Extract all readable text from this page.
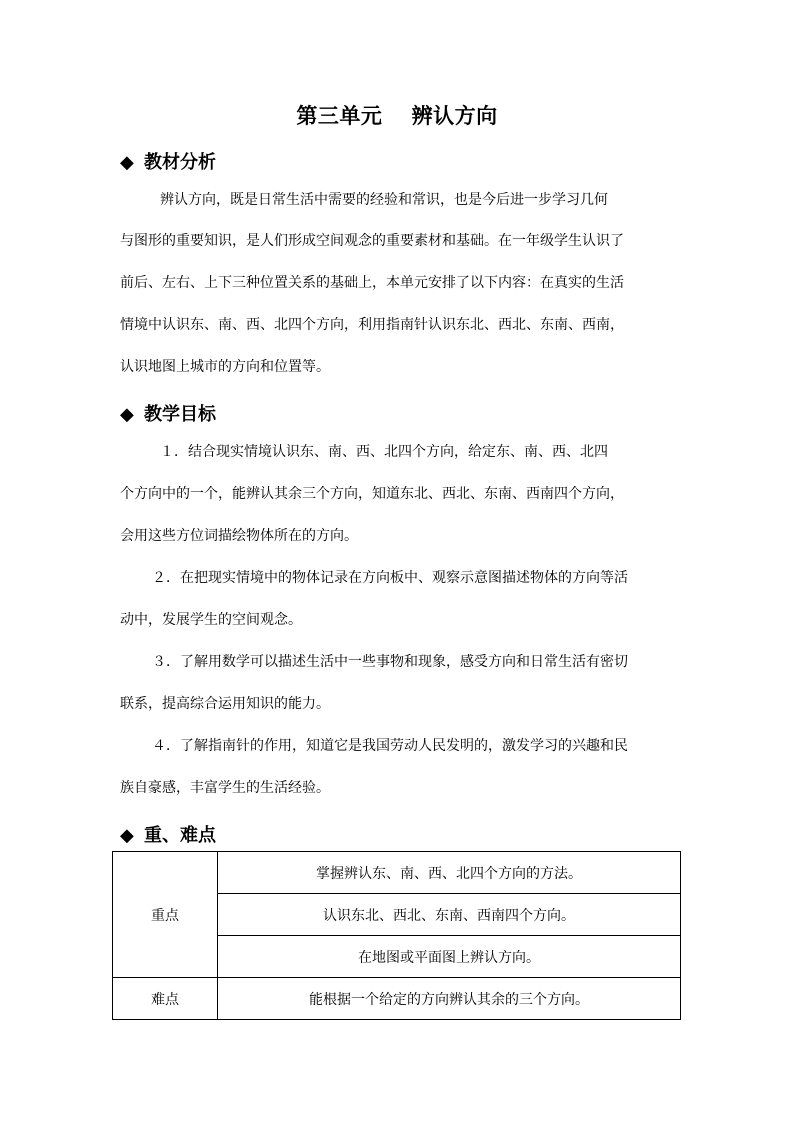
第三单元　 辨认方向
◆ 教材分析
辨认方向，既是日常生活中需要的经验和常识，也是今后进一步学习几何
与图形的重要知识，是人们形成空间观念的重要素材和基础。在一年级学生认识了
前后、左右、上下三种位置关系的基础上，本单元安排了以下内容：在真实的生活
情境中认识东、南、西、北四个方向，利用指南针认识东北、西北、东南、西南，
认识地图上城市的方向和位置等。
◆ 教学目标
１．结合现实情境认识东、南、西、北四个方向，给定东、南、西、北四
个方向中的一个，能辨认其余三个方向，知道东北、西北、东南、西南四个方向，
会用这些方位词描绘物体所在的方向。
２．在把现实情境中的物体记录在方向板中、观察示意图描述物体的方向等活
动中，发展学生的空间观念。
３．了解用数学可以描述生活中一些事物和现象，感受方向和日常生活有密切
联系，提高综合运用知识的能力。
４．了解指南针的作用，知道它是我国劳动人民发明的，激发学习的兴趣和民
族自豪感，丰富学生的生活经验。
◆ 重、难点
重点	掌握辨认东、南、西、北四个方向的方法。
	认识东北、西北、东南、西南四个方向。
	在地图或平面图上辨认方向。
难点	能根据一个给定的方向辨认其余的三个方向。
